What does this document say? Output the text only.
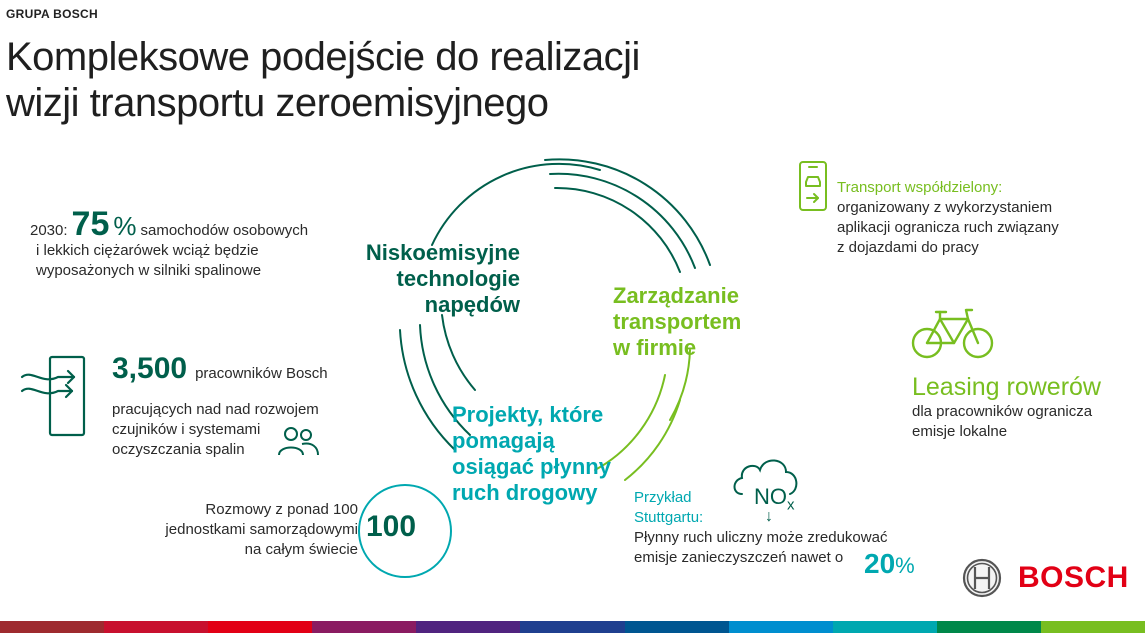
GRUPA BOSCH
Kompleksowe podejście do realizacji
wizji transportu zeroemisyjnego
2030: 75 % samochodów osobowych
i lekkich ciężarówek wciąż będzie
wyposażonych w silniki spalinowe
3,500 pracowników Bosch
pracujących nad nad rozwojem
czujników i systemami
oczyszczania spalin
Rozmowy z ponad 100
jednostkami samorządowymi
na całym świecie
100
Niskoemisyjne
technologie
napędów	Zarządzanie
transportem
w firmie
Projekty, które
pomagają
osiągać płynny
ruch drogowy
Transport współdzielony:
organizowany z wykorzystaniem
aplikacji ogranicza ruch związany
z dojazdami do pracy
Leasing rowerów
dla pracowników ogranicza
emisje lokalne
$NO_x$
↓
Przykład
Stuttgartu:
Płynny ruch uliczny może zredukować
emisje zanieczyszczeń nawet o 20 %	BOSCH
